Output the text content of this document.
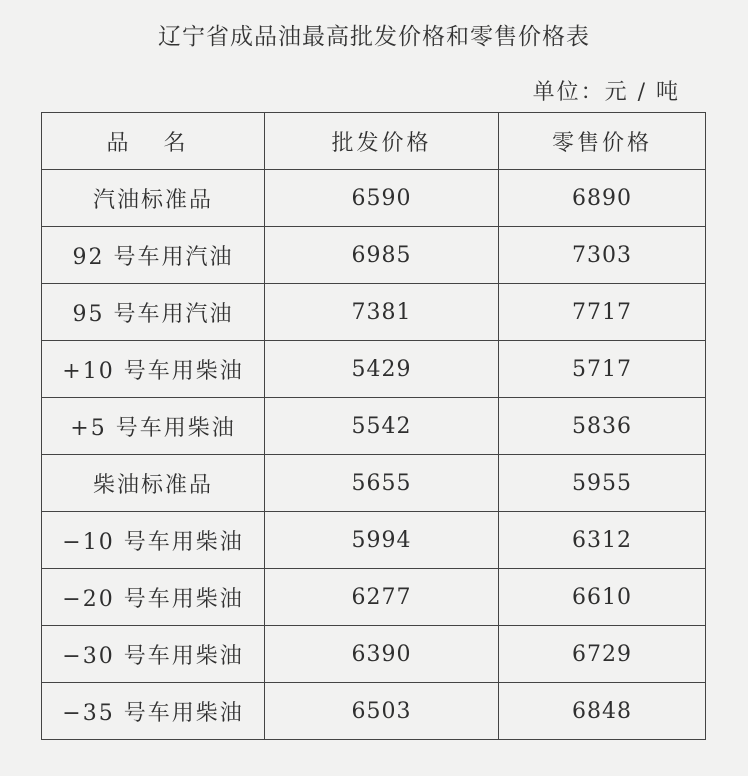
辽宁省成品油最高批发价格和零售价格表
单位：元 / 吨
品 名	批发价格	零售价格
汽油标准品	6590	6890
92 号车用汽油	6985	7303
95 号车用汽油	7381	7717
+10 号车用柴油	5429	5717
+5 号车用柴油	5542	5836
柴油标准品	5655	5955
−10 号车用柴油	5994	6312
−20 号车用柴油	6277	6610
−30 号车用柴油	6390	6729
−35 号车用柴油	6503	6848
